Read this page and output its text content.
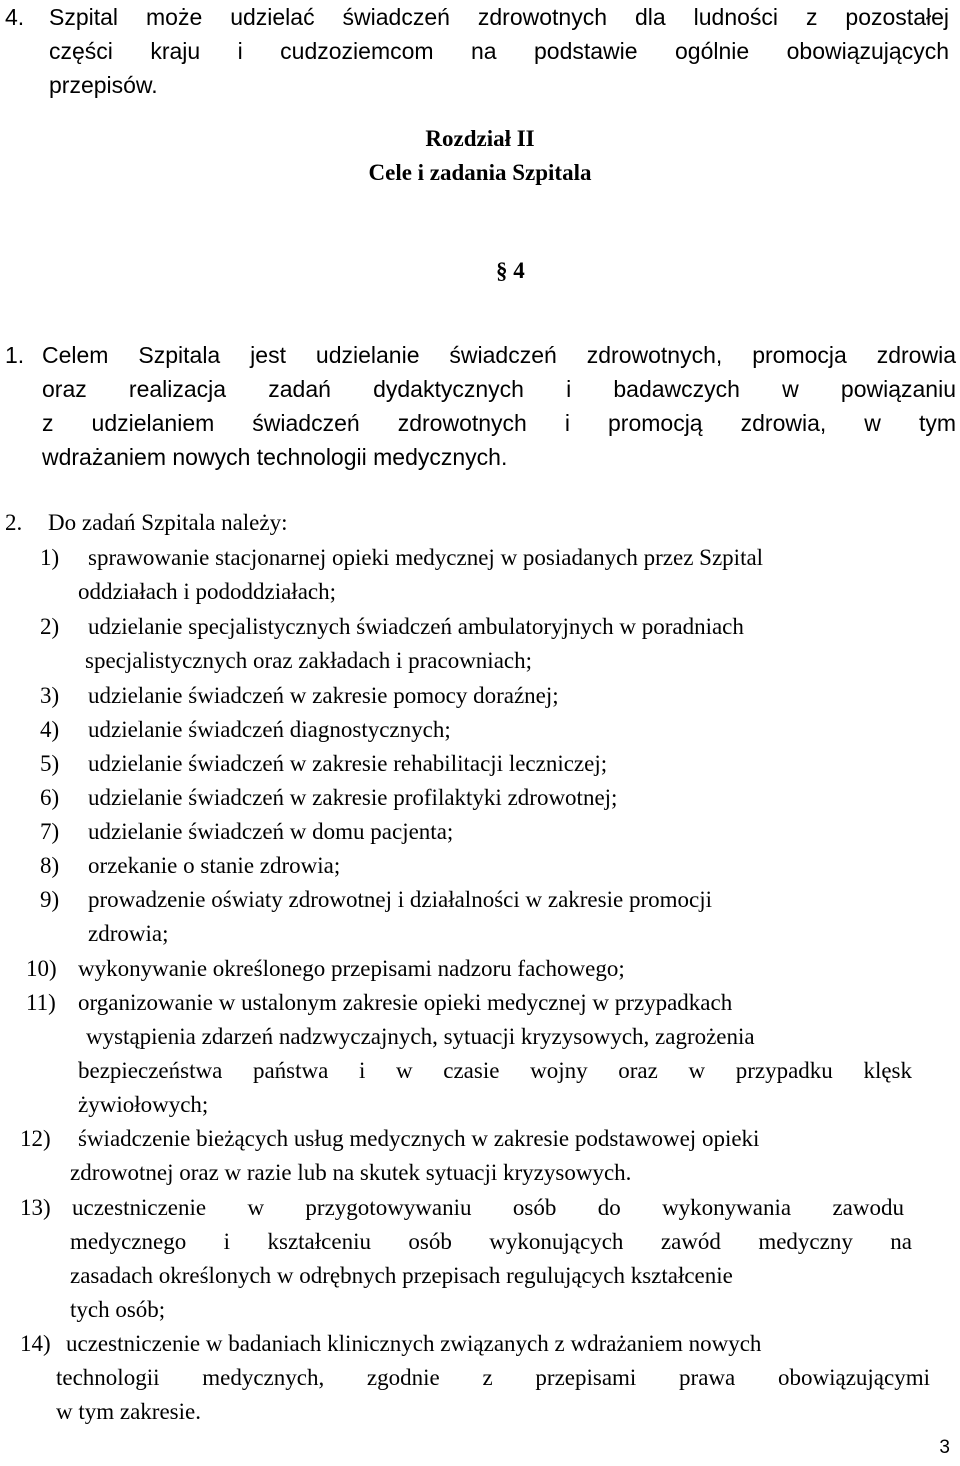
4. Szpital może udzielać świadczeń zdrowotnych dla ludności z pozostałej
części kraju i cudzoziemcom na podstawie ogólnie obowiązujących
przepisów.
Rozdział II
Cele i zadania Szpitala
§ 4
1. Celem Szpitala jest udzielanie świadczeń zdrowotnych, promocja zdrowia
oraz realizacja zadań dydaktycznych i badawczych w powiązaniu
z udzielaniem świadczeń zdrowotnych i promocją zdrowia, w tym
wdrażaniem nowych technologii medycznych.
2. Do zadań Szpitala należy:
1) sprawowanie stacjonarnej opieki medycznej w posiadanych przez Szpital
oddziałach i pododdziałach;
2) udzielanie specjalistycznych świadczeń ambulatoryjnych w poradniach
specjalistycznych oraz zakładach i pracowniach;
3) udzielanie świadczeń w zakresie pomocy doraźnej;
4) udzielanie świadczeń diagnostycznych;
5) udzielanie świadczeń w zakresie rehabilitacji leczniczej;
6) udzielanie świadczeń w zakresie profilaktyki zdrowotnej;
7) udzielanie świadczeń w domu pacjenta;
8) orzekanie o stanie zdrowia;
9) prowadzenie oświaty zdrowotnej i działalności w zakresie promocji
zdrowia;
10) wykonywanie określonego przepisami nadzoru fachowego;
11) organizowanie w ustalonym zakresie opieki medycznej w przypadkach
wystąpienia zdarzeń nadzwyczajnych, sytuacji kryzysowych, zagrożenia
bezpieczeństwa państwa i w czasie wojny oraz w przypadku klęsk
żywiołowych;
12) świadczenie bieżących usług medycznych w zakresie podstawowej opieki
zdrowotnej oraz w razie lub na skutek sytuacji kryzysowych.
13) uczestniczenie w przygotowywaniu osób do wykonywania zawodu
medycznego i kształceniu osób wykonujących zawód medyczny na
zasadach określonych w odrębnych przepisach regulujących kształcenie
tych osób;
14) uczestniczenie w badaniach klinicznych związanych z wdrażaniem nowych
technologii medycznych, zgodnie z przepisami prawa obowiązującymi
w tym zakresie.
3
